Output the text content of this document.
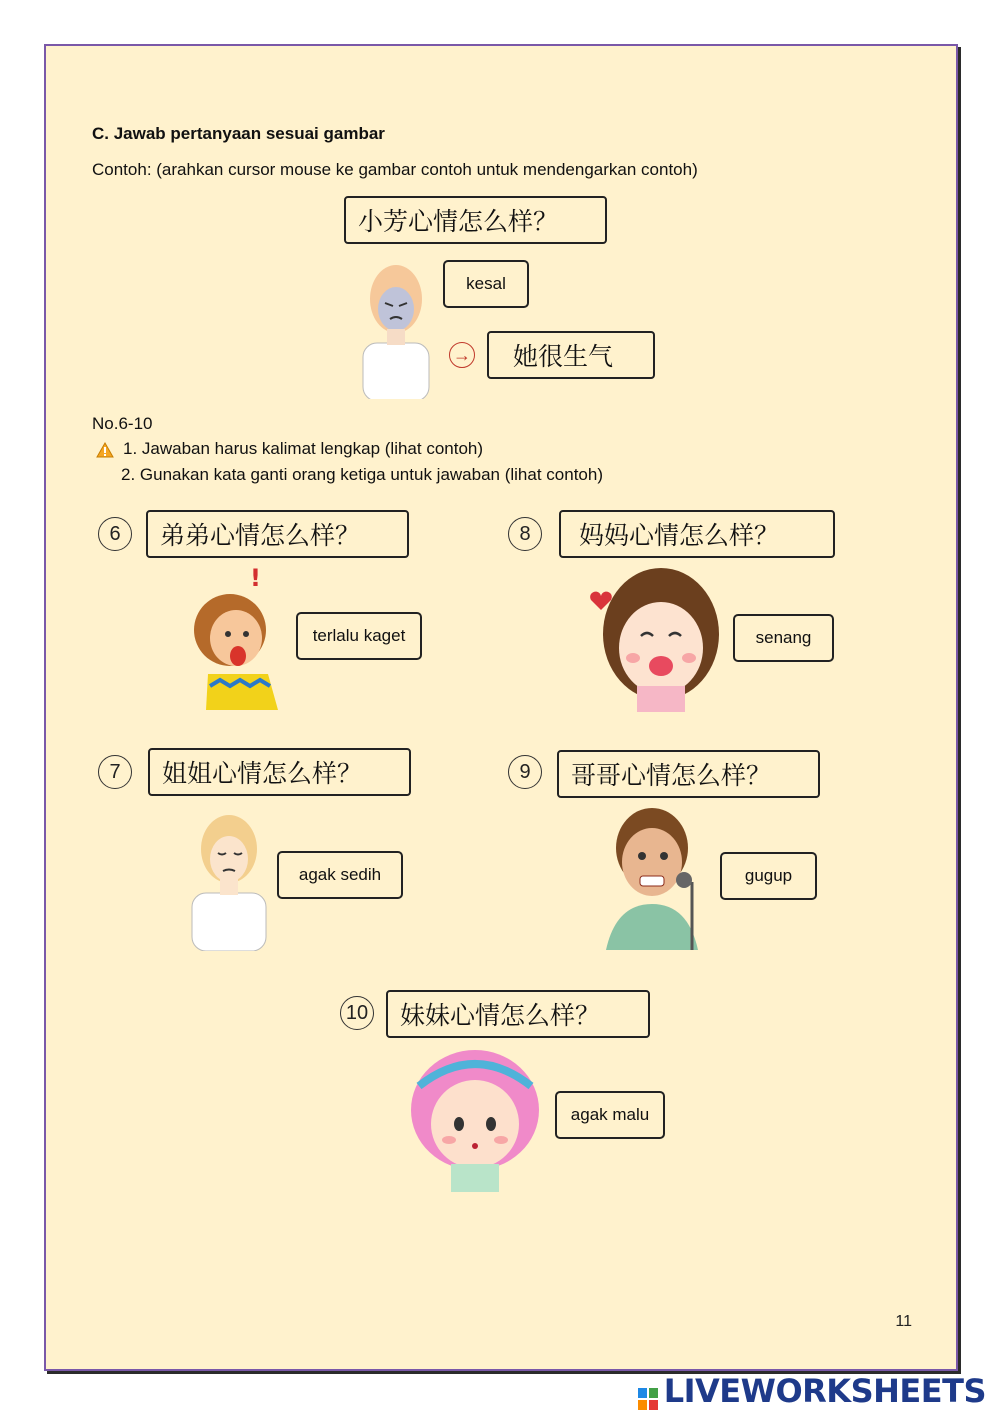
C. Jawab pertanyaan sesuai gambar
Contoh: (arahkan cursor mouse ke gambar contoh untuk mendengarkan contoh)
小芳心情怎么样？
kesal
→	她很生气
No.6-10
1. Jawaban harus kalimat lengkap (lihat contoh)
2. Gunakan kata ganti orang ketiga untuk jawaban (lihat contoh)
6	弟弟心情怎么样？
!
terlalu kaget
8	妈妈心情怎么样？
senang
7	姐姐心情怎么样？
agak sedih
9	哥哥心情怎么样？
gugup
10	妹妹心情怎么样？
agak malu
11
LIVEWORKSHEETS
